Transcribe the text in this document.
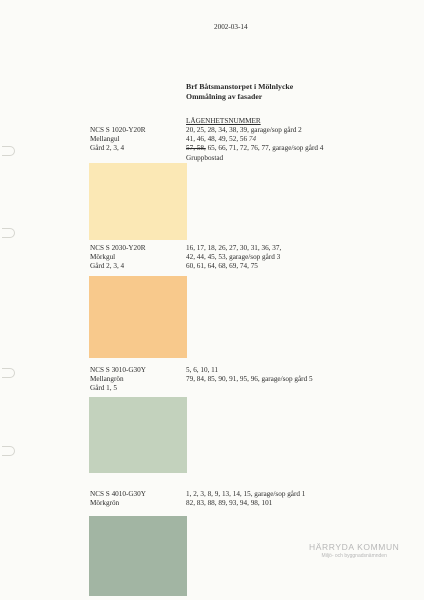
2002-03-14
Brf Båtsmanstorpet i Mölnlycke
Ommålning av fasader
LÄGENHETSNUMMER
NCS S 1020-Y20R
Mellangul
Gård 2, 3, 4
20, 25, 28, 34, 38, 39, garage/sop gård 2
41, 46, 48, 49, 52, 56 74
57, 58, 65, 66, 71, 72, 76, 77, garage/sop gård 4
Gruppbostad
NCS S 2030-Y20R
Mörkgul
Gård 2, 3, 4
16, 17, 18, 26, 27, 30, 31, 36, 37,
42, 44, 45, 53, garage/sop gård 3
60, 61, 64, 68, 69, 74, 75
NCS S 3010-G30Y
Mellangrön
Gård 1, 5
5, 6, 10, 11
79, 84, 85, 90, 91, 95, 96, garage/sop gård 5
NCS S 4010-G30Y
Mörkgrön
1, 2, 3, 8, 9, 13, 14, 15, garage/sop gård 1
82, 83, 88, 89, 93, 94, 98, 101
HÄRRYDA KOMMUN
Miljö- och byggnadsnämnden
